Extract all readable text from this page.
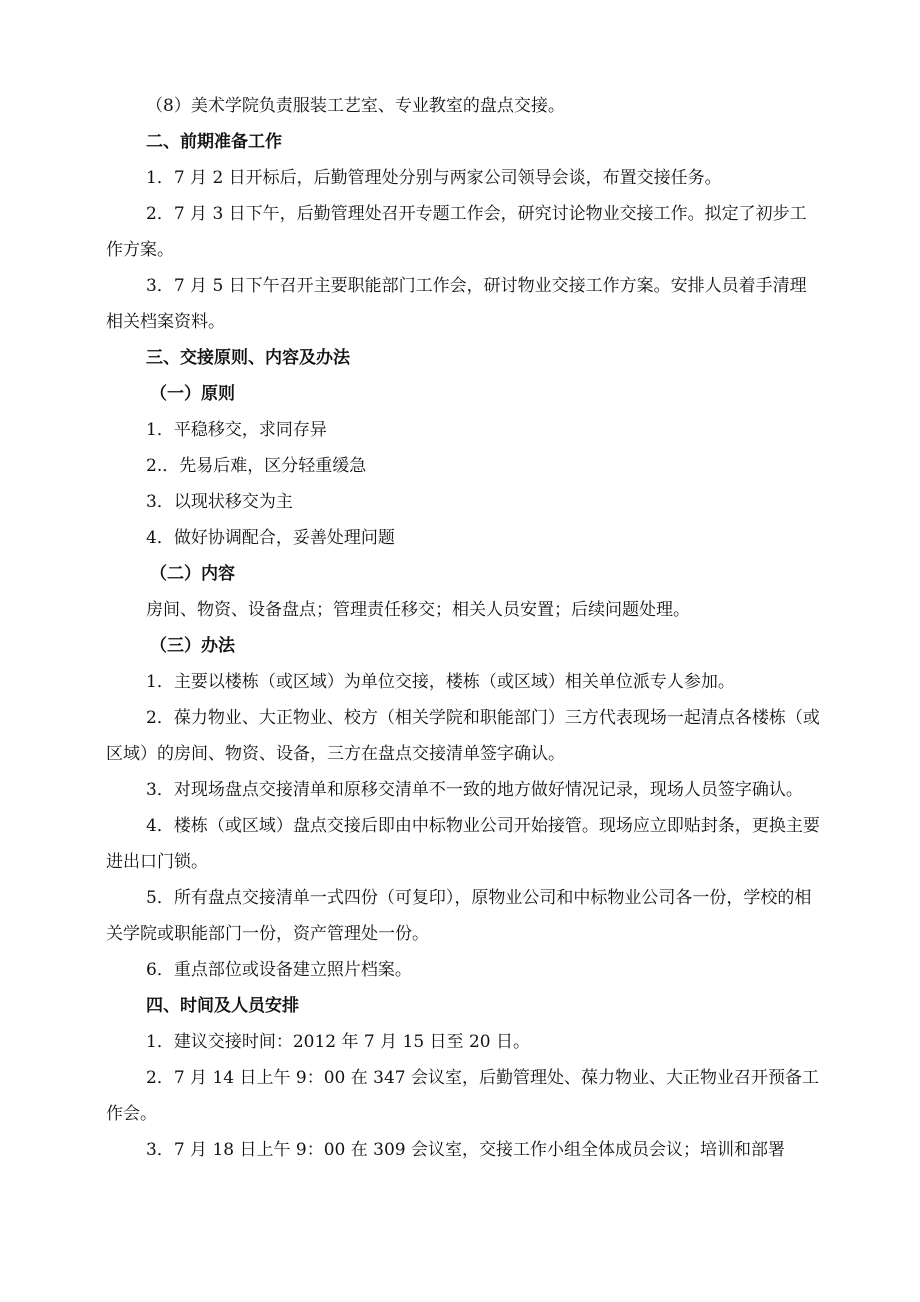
（8）美术学院负责服装工艺室、专业教室的盘点交接。

二、前期准备工作

1．7 月 2 日开标后，后勤管理处分别与两家公司领导会谈，布置交接任务。

2．7 月 3 日下午，后勤管理处召开专题工作会，研究讨论物业交接工作。拟定了初步工作方案。

3．7 月 5 日下午召开主要职能部门工作会，研讨物业交接工作方案。安排人员着手清理相关档案资料。

三、交接原则、内容及办法

（一）原则

1．平稳移交，求同存异

2.．先易后难，区分轻重缓急

3．以现状移交为主

4．做好协调配合，妥善处理问题

（二）内容

房间、物资、设备盘点；管理责任移交；相关人员安置；后续问题处理。

（三）办法

1．主要以楼栋（或区域）为单位交接，楼栋（或区域）相关单位派专人参加。

2．葆力物业、大正物业、校方（相关学院和职能部门）三方代表现场一起清点各楼栋（或区域）的房间、物资、设备，三方在盘点交接清单签字确认。

3．对现场盘点交接清单和原移交清单不一致的地方做好情况记录，现场人员签字确认。

4．楼栋（或区域）盘点交接后即由中标物业公司开始接管。现场应立即贴封条，更换主要进出口门锁。

5．所有盘点交接清单一式四份（可复印），原物业公司和中标物业公司各一份，学校的相关学院或职能部门一份，资产管理处一份。

6．重点部位或设备建立照片档案。

四、时间及人员安排

1．建议交接时间：2012 年 7 月 15 日至 20 日。

2．7 月 14 日上午 9：00 在 347 会议室，后勤管理处、葆力物业、大正物业召开预备工作会。

3．7 月 18 日上午 9：00 在 309 会议室，交接工作小组全体成员会议；培训和部署
